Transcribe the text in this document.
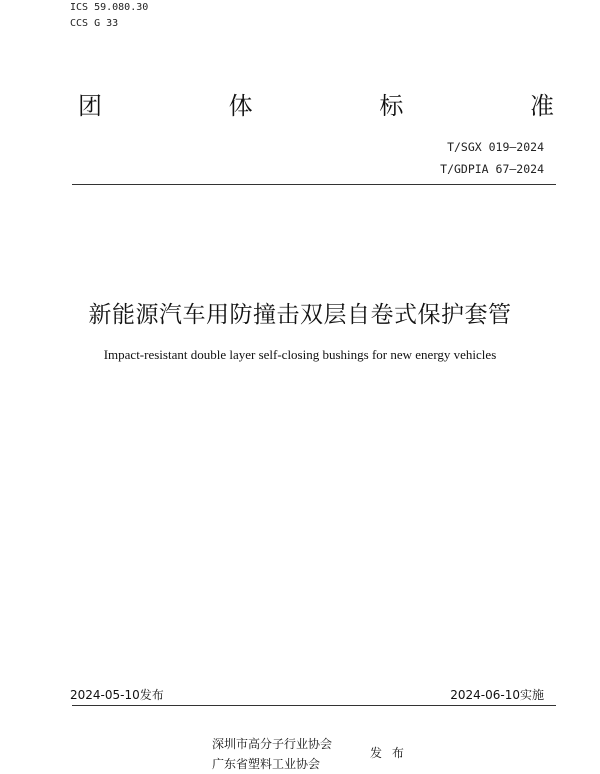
ICS 59.080.30
CCS G 33
团	体	标	准
T/SGX 019—2024
T/GDPIA 67—2024
新能源汽车用防撞击双层自卷式保护套管
Impact-resistant double layer self-closing bushings for new energy vehicles
2024-05-10发布	2024-06-10实施
深圳市高分子行业协会
广东省塑料工业协会
发 布
